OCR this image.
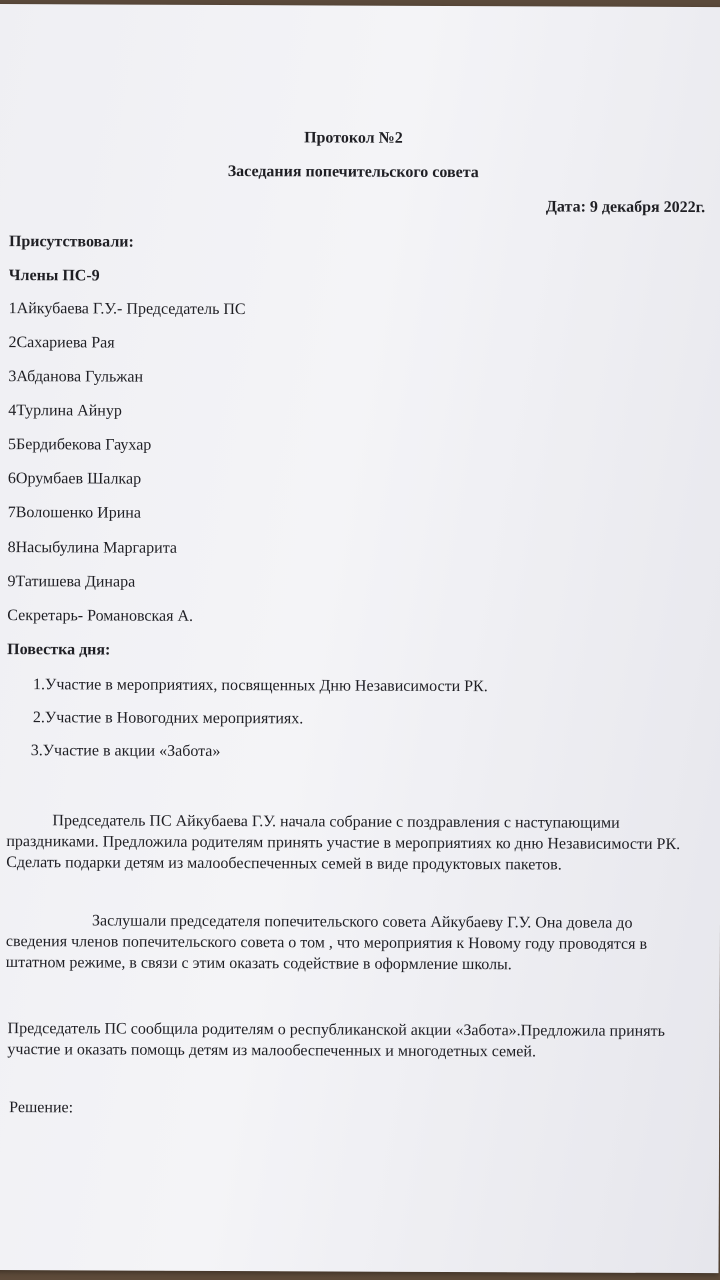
Протокол №2
Заседания попечительского совета
Дата: 9 декабря 2022г.
Присутствовали:
Члены ПС-9
1Айкубаева Г.У.- Председатель ПС
2Сахариева Рая
3Абданова Гульжан
4Турлина Айнур
5Бердибекова Гаухар
6Орумбаев Шалкар
7Волошенко Ирина
8Насыбулина Маргарита
9Татишева Динара
Секретарь- Романовская А.
Повестка дня:
1.Участие в мероприятиях, посвященных Дню Независимости РК.
2.Участие в Новогодних мероприятиях.
3.Участие в акции «Забота»
Председатель ПС Айкубаева Г.У. начала собрание с поздравления с наступающими праздниками. Предложила родителям принять участие в мероприятиях ко дню Независимости РК. Сделать подарки детям из малообеспеченных семей в виде продуктовых пакетов.
Заслушали председателя попечительского совета Айкубаеву Г.У. Она довела до сведения членов попечительского совета о том , что мероприятия к Новому году проводятся в штатном режиме, в связи с этим оказать содействие в оформление школы.
Председатель ПС сообщила родителям о республиканской акции «Забота».Предложила принять участие и оказать помощь детям из малообеспеченных и многодетных семей.
Решение:
